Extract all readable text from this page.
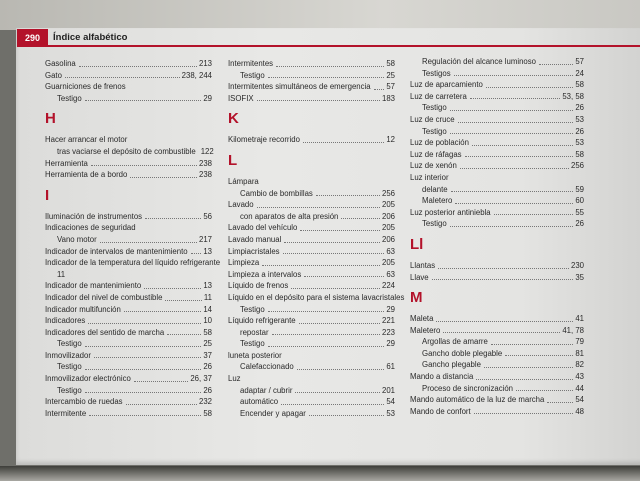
290	Índice alfabético
Gasolina	213
Gato	238, 244
Guarniciones de frenos
Testigo	29
H
Hacer arrancar el motor
tras vaciarse el depósito de combustible 122
Herramienta	238
Herramienta de a bordo	238
I
Iluminación de instrumentos	56
Indicaciones de seguridad
Vano motor	217
Indicador de intervalos de mantenimiento 13
Indicador de la temperatura del líquido refrigerante
11
Indicador de mantenimiento	13
Indicador del nivel de combustible	11
Indicador multifunción	14
Indicadores	10
Indicadores del sentido de marcha	58
Testigo	25
Inmovilizador	37
Testigo	26
Inmovilizador electrónico	26, 37
Testigo	26
Intercambio de ruedas	232
Intermitente	58
Intermitentes	58
Testigo	25
Intermitentes simultáneos de emergencia 57
ISOFIX	183
K
Kilometraje recorrido	12
L
Lámpara
Cambio de bombillas	256
Lavado	205
con aparatos de alta presión	206
Lavado del vehículo	205
Lavado manual	206
Limpiacristales	63
Limpieza	205
Limpieza a intervalos	63
Líquido de frenos	224
Líquido en el depósito para el sistema lavacristales
Testigo	29
Líquido refrigerante	221
repostar	223
Testigo	29
luneta posterior
Calefaccionado	61
Luz
adaptar / cubrir	201
automático	54
Encender y apagar	53
Regulación del alcance luminoso	57
Testigos	24
Luz de aparcamiento	58
Luz de carretera	53, 58
Testigo	26
Luz de cruce	53
Testigo	26
Luz de población	53
Luz de ráfagas	58
Luz de xenón	256
Luz interior
delante	59
Maletero	60
Luz posterior antiniebla	55
Testigo	26
Ll
Llantas	230
Llave	35
M
Maleta	41
Maletero	41, 78
Argollas de amarre	79
Gancho doble plegable	81
Gancho plegable	82
Mando a distancia	43
Proceso de sincronización	44
Mando automático de la luz de marcha	54
Mando de confort	48
